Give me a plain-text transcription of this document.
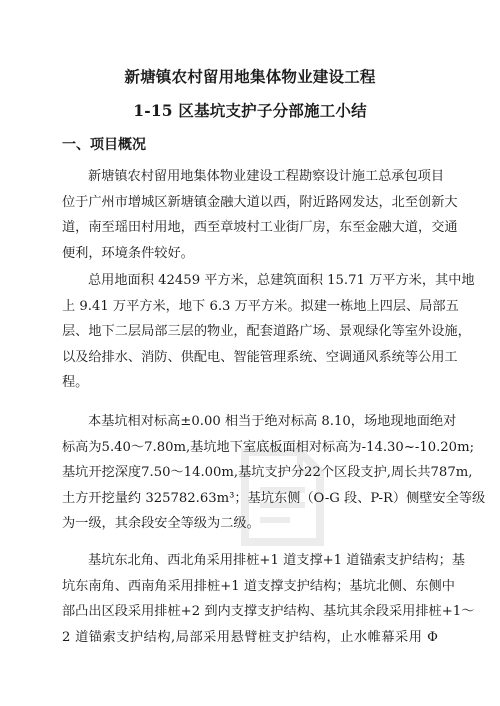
新塘镇农村留用地集体物业建设工程
1-15 区基坑支护子分部施工小结
一、项目概况

新塘镇农村留用地集体物业建设工程勘察设计施工总承包项目
位于广州市增城区新塘镇金融大道以西，附近路网发达，北至创新大
道，南至瑶田村用地，西至章坡村工业街厂房，东至金融大道，交通
便利，环境条件较好。

总用地面积 42459 平方米，总建筑面积 15.71 万平方米，其中地
上 9.41 万平方米，地下 6.3 万平方米。拟建一栋地上四层、局部五
层、地下二层局部三层的物业，配套道路广场、景观绿化等室外设施，
以及给排水、消防、供配电、智能管理系统、空调通风系统等公用工
程。

本基坑相对标高±0.00 相当于绝对标高 8.10，场地现地面绝对
标高为5.40～7.80m,基坑地下室底板面相对标高为-14.30~-10.20m;
基坑开挖深度7.50～14.00m,基坑支护分22个区段支护,周长共787m,
土方开挖量约 325782.63m³；基坑东侧（O-G 段、P-R）侧壁安全等级
为一级，其余段安全等级为二级。

基坑东北角、西北角采用排桩+1 道支撑+1 道锚索支护结构；基
坑东南角、西南角采用排桩+1 道支撑支护结构；基坑北侧、东侧中
部凸出区段采用排桩+2 到内支撑支护结构、基坑其余段采用排桩+1～
2 道锚索支护结构,局部采用悬臂桩支护结构，止水帷幕采用 Φ
